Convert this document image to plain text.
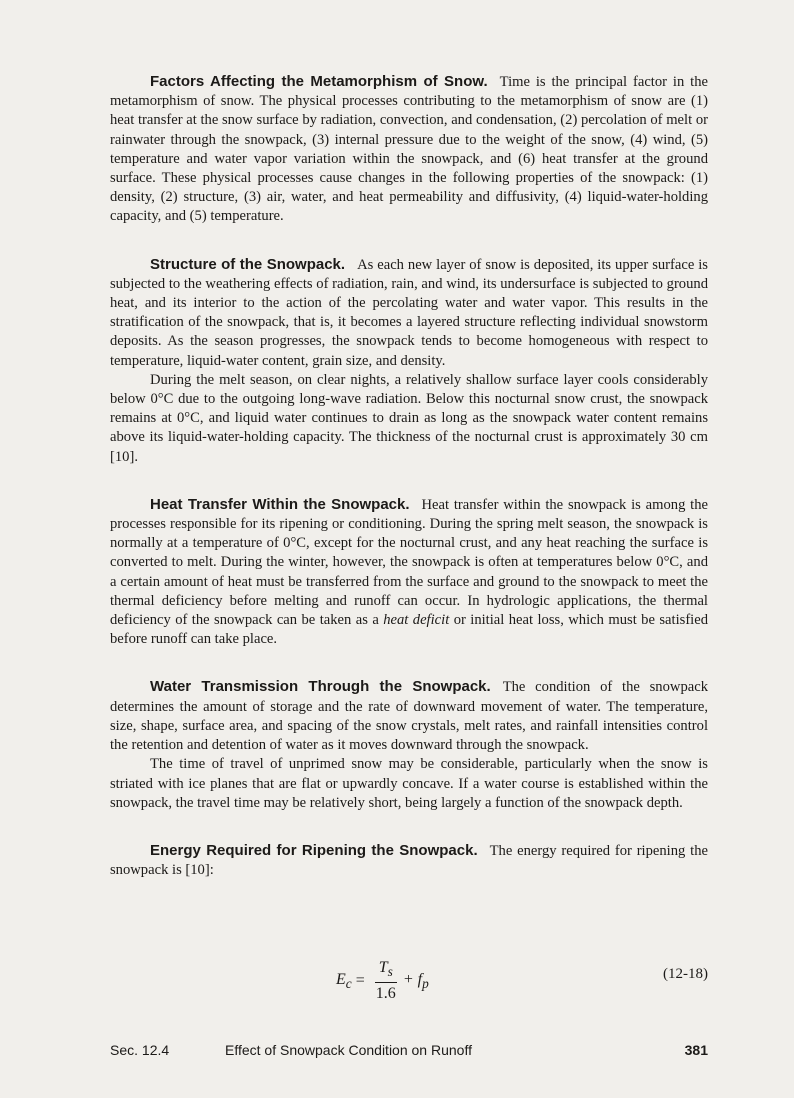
Factors Affecting the Metamorphism of Snow. Time is the principal factor in the metamorphism of snow. The physical processes contributing to the metamorphism of snow are (1) heat transfer at the snow surface by radiation, convection, and condensation, (2) percolation of melt or rainwater through the snowpack, (3) internal pressure due to the weight of the snow, (4) wind, (5) temperature and water vapor variation within the snowpack, and (6) heat transfer at the ground surface. These physical processes cause changes in the following properties of the snowpack: (1) density, (2) structure, (3) air, water, and heat permeability and diffusivity, (4) liquid-water-holding capacity, and (5) temperature.

Structure of the Snowpack. As each new layer of snow is deposited, its upper surface is subjected to the weathering effects of radiation, rain, and wind, its undersurface is subjected to ground heat, and its interior to the action of the percolating water and water vapor. This results in the stratification of the snowpack, that is, it becomes a layered structure reflecting individual snowstorm deposits. As the season progresses, the snowpack tends to become homogeneous with respect to temperature, liquid-water content, grain size, and density.

During the melt season, on clear nights, a relatively shallow surface layer cools considerably below 0°C due to the outgoing long-wave radiation. Below this nocturnal snow crust, the snowpack remains at 0°C, and liquid water continues to drain as long as the snowpack water content remains above its liquid-water-holding capacity. The thickness of the nocturnal crust is approximately 30 cm [10].

Heat Transfer Within the Snowpack. Heat transfer within the snowpack is among the processes responsible for its ripening or conditioning. During the spring melt season, the snowpack is normally at a temperature of 0°C, except for the nocturnal crust, and any heat reaching the surface is converted to melt. During the winter, however, the snowpack is often at temperatures below 0°C, and a certain amount of heat must be transferred from the surface and ground to the snowpack to meet the thermal deficiency before melting and runoff can occur. In hydrologic applications, the thermal deficiency of the snowpack can be taken as a heat deficit or initial heat loss, which must be satisfied before runoff can take place.

Water Transmission Through the Snowpack. The condition of the snowpack determines the amount of storage and the rate of downward movement of water. The temperature, size, shape, surface area, and spacing of the snow crystals, melt rates, and rainfall intensities control the retention and detention of water as it moves downward through the snowpack.

The time of travel of unprimed snow may be considerable, particularly when the snow is striated with ice planes that are flat or upwardly concave. If a water course is established within the snowpack, the travel time may be relatively short, being largely a function of the snowpack depth.

Energy Required for Ripening the Snowpack. The energy required for ripening the snowpack is [10]:

$E_c = \frac{T_s}{1.6} + f_p$
(12-18)
Sec. 12.4	Effect of Snowpack Condition on Runoff	381
